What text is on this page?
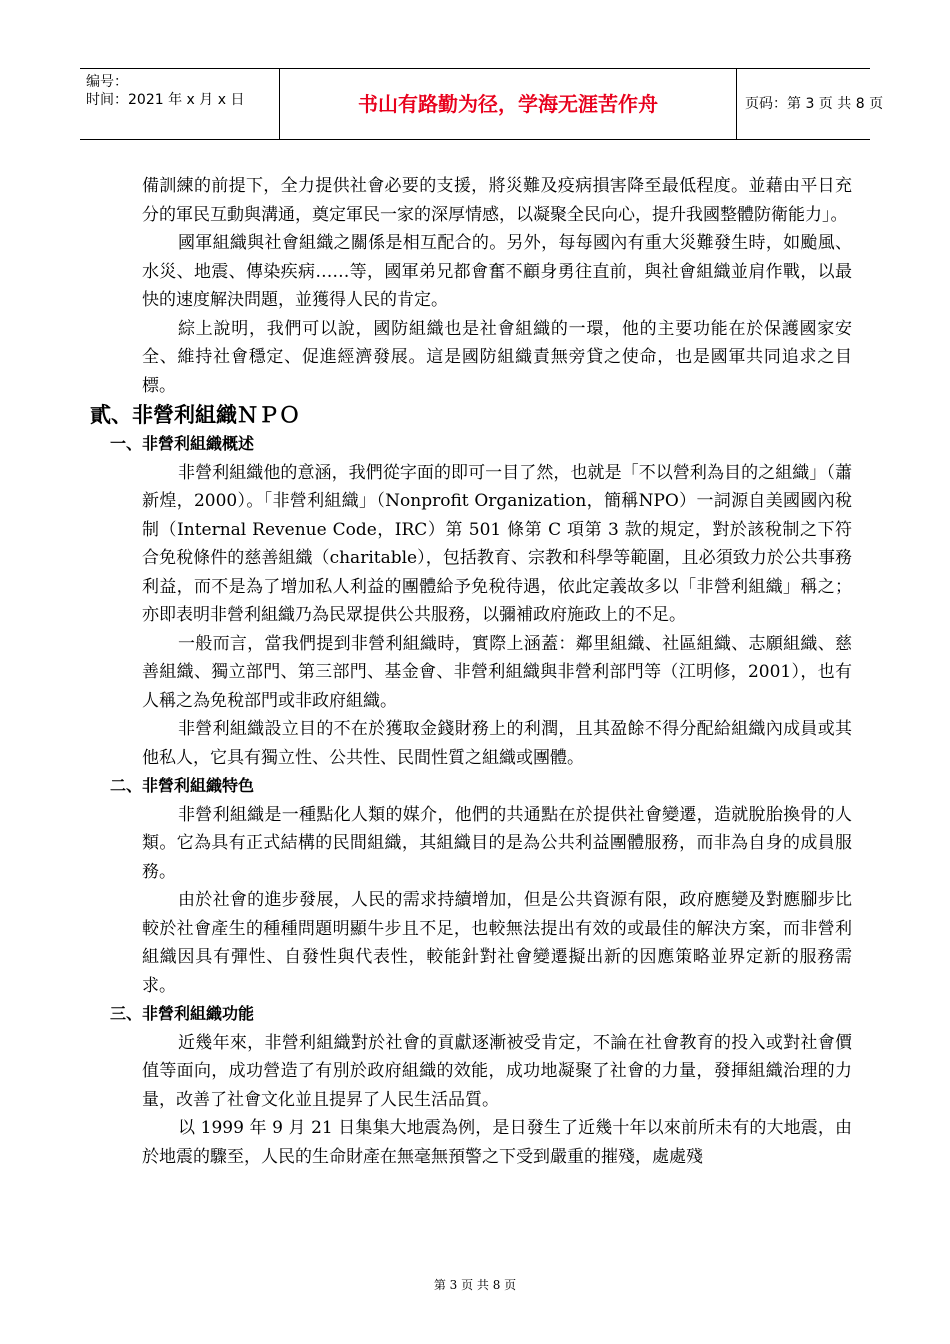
编号：
时间：2021 年 x 月 x 日	书山有路勤为径，学海无涯苦作舟	页码：第 3 页 共 8 页

備訓練的前提下，全力提供社會必要的支援，將災難及疫病損害降至最低程度。並藉由平日充分的軍民互動與溝通，奠定軍民一家的深厚情感，以凝聚全民向心，提升我國整體防衛能力」。

國軍組織與社會組織之關係是相互配合的。另外，每每國內有重大災難發生時，如颱風、水災、地震、傳染疾病……等，國軍弟兄都會奮不顧身勇往直前，與社會組織並肩作戰，以最快的速度解決問題，並獲得人民的肯定。

綜上說明，我們可以說，國防組織也是社會組織的一環，他的主要功能在於保護國家安全、維持社會穩定、促進經濟發展。這是國防組織責無旁貸之使命，也是國軍共同追求之目標。

貳、非營利組織ＮＰＯ
一、非營利組織概述

非營利組織他的意涵，我們從字面的即可一目了然，也就是「不以營利為目的之組織」（蕭新煌，2000）。「非營利組織」（Nonprofit Organization，簡稱NPO）一詞源自美國國內稅制（Internal Revenue Code，IRC）第 501 條第 C 項第 3 款的規定，對於該稅制之下符合免稅條件的慈善組織（charitable），包括教育、宗教和科學等範圍，且必須致力於公共事務利益，而不是為了增加私人利益的團體給予免稅待遇，依此定義故多以「非營利組織」稱之；亦即表明非營利組織乃為民眾提供公共服務，以彌補政府施政上的不足。

一般而言，當我們提到非營利組織時，實際上涵蓋：鄰里組織、社區組織、志願組織、慈善組織、獨立部門、第三部門、基金會、非營利組織與非營利部門等（江明修，2001），也有人稱之為免稅部門或非政府組織。

非營利組織設立目的不在於獲取金錢財務上的利潤，且其盈餘不得分配給組織內成員或其他私人，它具有獨立性、公共性、民間性質之組織或團體。

二、非營利組織特色

非營利組織是一種點化人類的媒介，他們的共通點在於提供社會變遷，造就脫胎換骨的人類。它為具有正式結構的民間組織，其組織目的是為公共利益團體服務，而非為自身的成員服務。

由於社會的進步發展，人民的需求持續增加，但是公共資源有限，政府應變及對應腳步比較於社會產生的種種問題明顯牛步且不足，也較無法提出有效的或最佳的解決方案，而非營利組織因具有彈性、自發性與代表性，較能針對社會變遷擬出新的因應策略並界定新的服務需求。

三、非營利組織功能

近幾年來，非營利組織對於社會的貢獻逐漸被受肯定，不論在社會教育的投入或對社會價值等面向，成功營造了有別於政府組織的效能，成功地凝聚了社會的力量，發揮組織治理的力量，改善了社會文化並且提昇了人民生活品質。

以 1999 年 9 月 21 日集集大地震為例，是日發生了近幾十年以來前所未有的大地震，由於地震的驟至，人民的生命財產在無毫無預警之下受到嚴重的摧殘，處處殘

第 3 页 共 8 页
